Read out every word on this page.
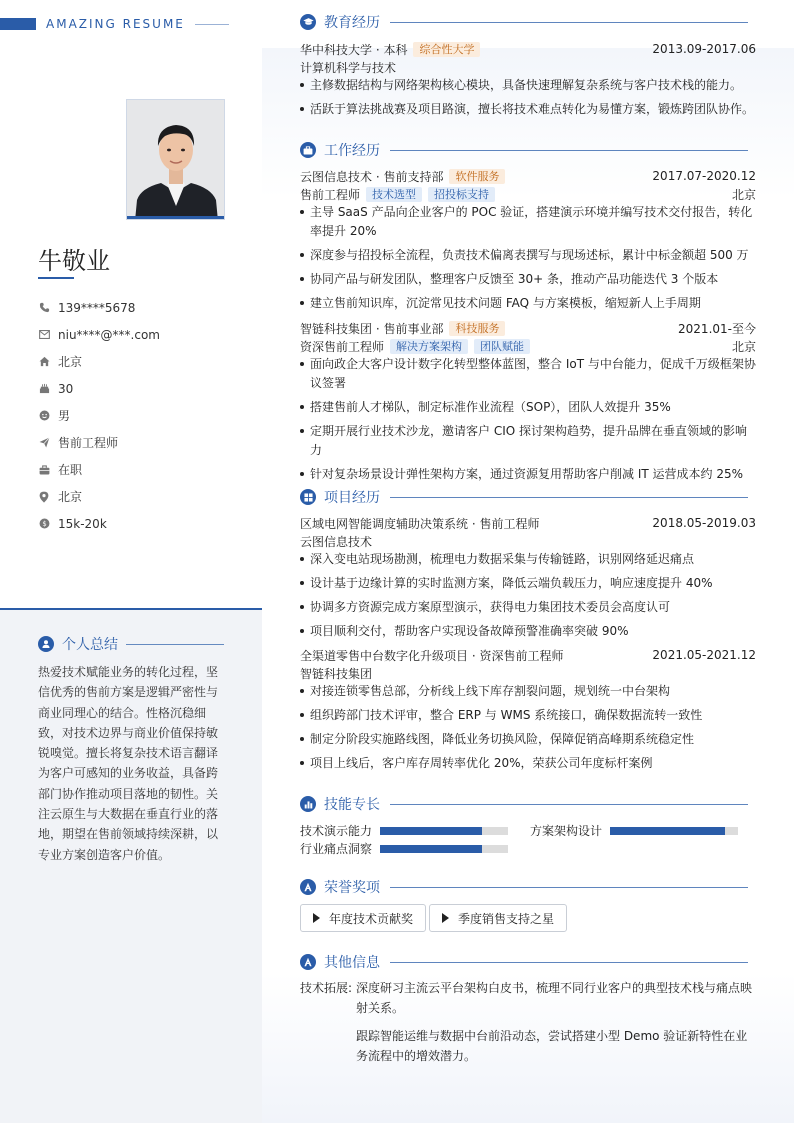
AMAZING RESUME
牛敬业
139****5678
niu****@***.com
北京
30
男
售前工程师
在职
北京
$ 15k-20k
个人总结

热爱技术赋能业务的转化过程，坚信优秀的售前方案是逻辑严密性与商业同理心的结合。性格沉稳细致，对技术边界与商业价值保持敏锐嗅觉。擅长将复杂技术语言翻译为客户可感知的业务收益，具备跨部门协作推动项目落地的韧性。关注云原生与大数据在垂直行业的落地，期望在售前领域持续深耕，以专业方案创造客户价值。

教育经历
华中科技大学 · 本科	综合性大学	2013.09-2017.06
计算机科学与技术
主修数据结构与网络架构核心模块，具备快速理解复杂系统与客户技术栈的能力。
活跃于算法挑战赛及项目路演，擅长将技术难点转化为易懂方案，锻炼跨团队协作。
工作经历
云图信息技术 · 售前支持部	软件服务	2017.07-2020.12
售前工程师	技术选型	招投标支持	北京
主导 SaaS 产品向企业客户的 POC 验证，搭建演示环境并编写技术交付报告，转化率提升 20%
深度参与招投标全流程，负责技术偏离表撰写与现场述标，累计中标金额超 500 万
协同产品与研发团队，整理客户反馈至 30+ 条，推动产品功能迭代 3 个版本
建立售前知识库，沉淀常见技术问题 FAQ 与方案模板，缩短新人上手周期
智链科技集团 · 售前事业部	科技服务	2021.01-至今
资深售前工程师	解决方案架构	团队赋能	北京
面向政企大客户设计数字化转型整体蓝图，整合 IoT 与中台能力，促成千万级框架协议签署
搭建售前人才梯队，制定标准作业流程（SOP），团队人效提升 35%
定期开展行业技术沙龙，邀请客户 CIO 探讨架构趋势，提升品牌在垂直领域的影响力
针对复杂场景设计弹性架构方案，通过资源复用帮助客户削减 IT 运营成本约 25%
项目经历
区域电网智能调度辅助决策系统 · 售前工程师	2018.05-2019.03
云图信息技术
深入变电站现场勘测，梳理电力数据采集与传输链路，识别网络延迟痛点
设计基于边缘计算的实时监测方案，降低云端负载压力，响应速度提升 40%
协调多方资源完成方案原型演示，获得电力集团技术委员会高度认可
项目顺利交付，帮助客户实现设备故障预警准确率突破 90%
全渠道零售中台数字化升级项目 · 资深售前工程师	2021.05-2021.12
智链科技集团
对接连锁零售总部，分析线上线下库存割裂问题，规划统一中台架构
组织跨部门技术评审，整合 ERP 与 WMS 系统接口，确保数据流转一致性
制定分阶段实施路线图，降低业务切换风险，保障促销高峰期系统稳定性
项目上线后，客户库存周转率优化 20%，荣获公司年度标杆案例
技能专长
技术演示能力	方案架构设计
行业痛点洞察
荣誉奖项
年度技术贡献奖	季度销售支持之星
其他信息
技术拓展: 深度研习主流云平台架构白皮书，梳理不同行业客户的典型技术栈与痛点映射关系。

跟踪智能运维与数据中台前沿动态，尝试搭建小型 Demo 验证新特性在业务流程中的增效潜力。
